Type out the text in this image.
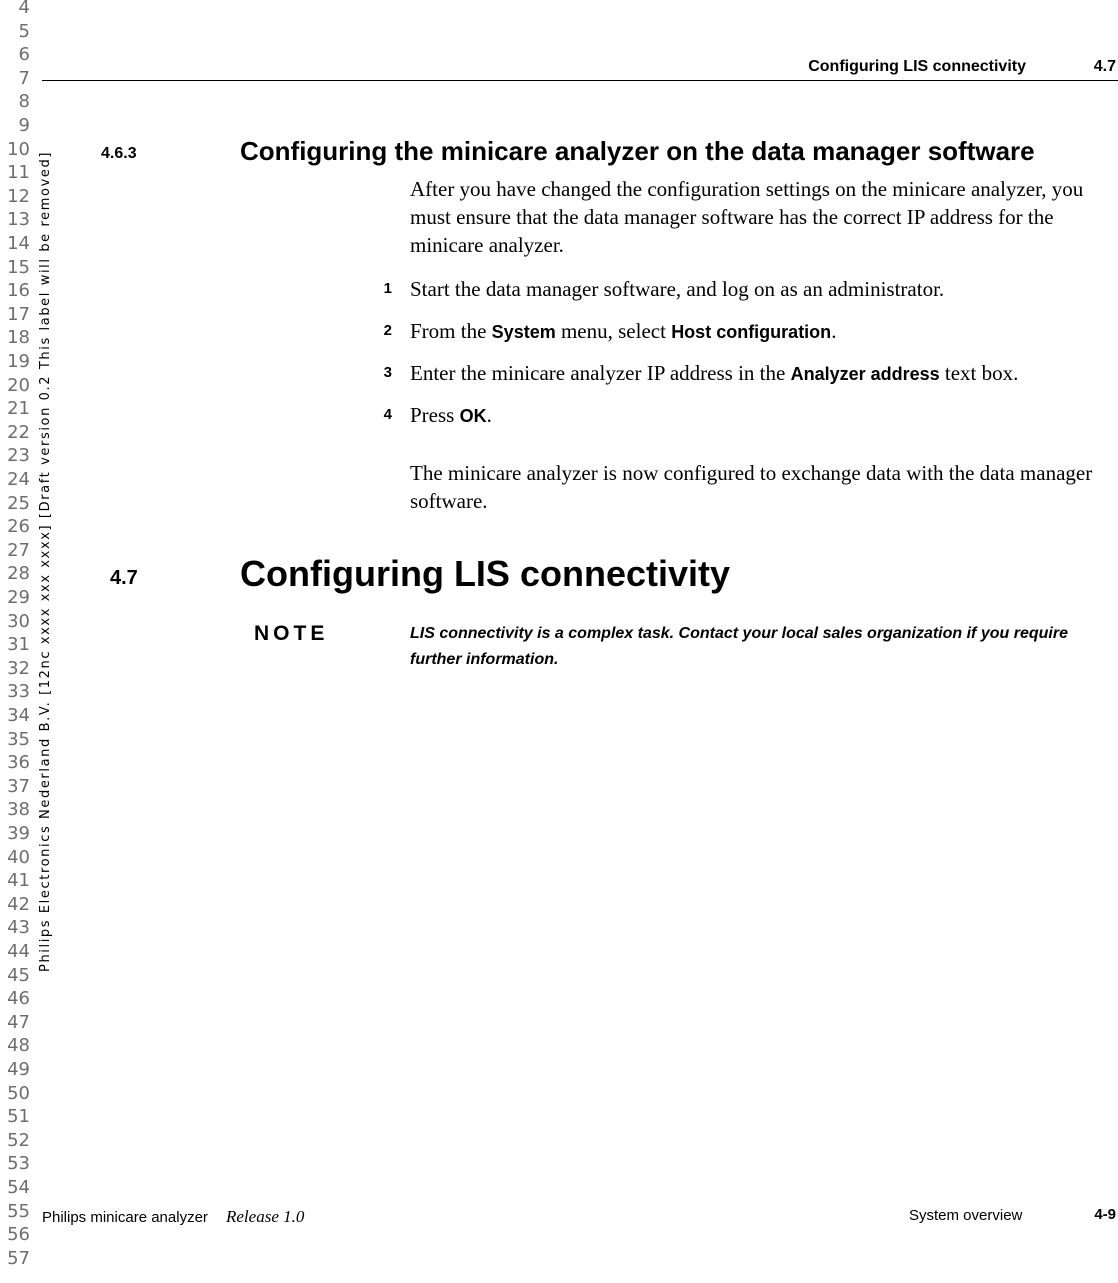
4
5
6
7
8
9
10
11
12
13
14
15
16
17
18
19
20
21
22
23
24
25
26
27
28
29
30
31
32
33
34
35
36
37
38
39
40
41
42
43
44
45
46
47
48
49
50
51
52
53
54
55
56
57
Philips Electronics Nederland B.V. [12nc xxxx xxx xxxx] [Draft version 0.2 This label will be removed]
Configuring LIS connectivity	4.7
4.6.3	Configuring the minicare analyzer on the data manager software
After you have changed the configuration settings on the minicare analyzer, you must ensure that the data manager software has the correct IP address for the minicare analyzer.
1 Start the data manager software, and log on as an administrator.
2 From the System menu, select Host configuration.
3 Enter the minicare analyzer IP address in the Analyzer address text box.
4 Press OK.
The minicare analyzer is now configured to exchange data with the data manager software.
4.7	Configuring LIS connectivity
NOTE	LIS connectivity is a complex task. Contact your local sales organization if you require further information.
Philips minicare analyzer Release 1.0	System overview	4-9
